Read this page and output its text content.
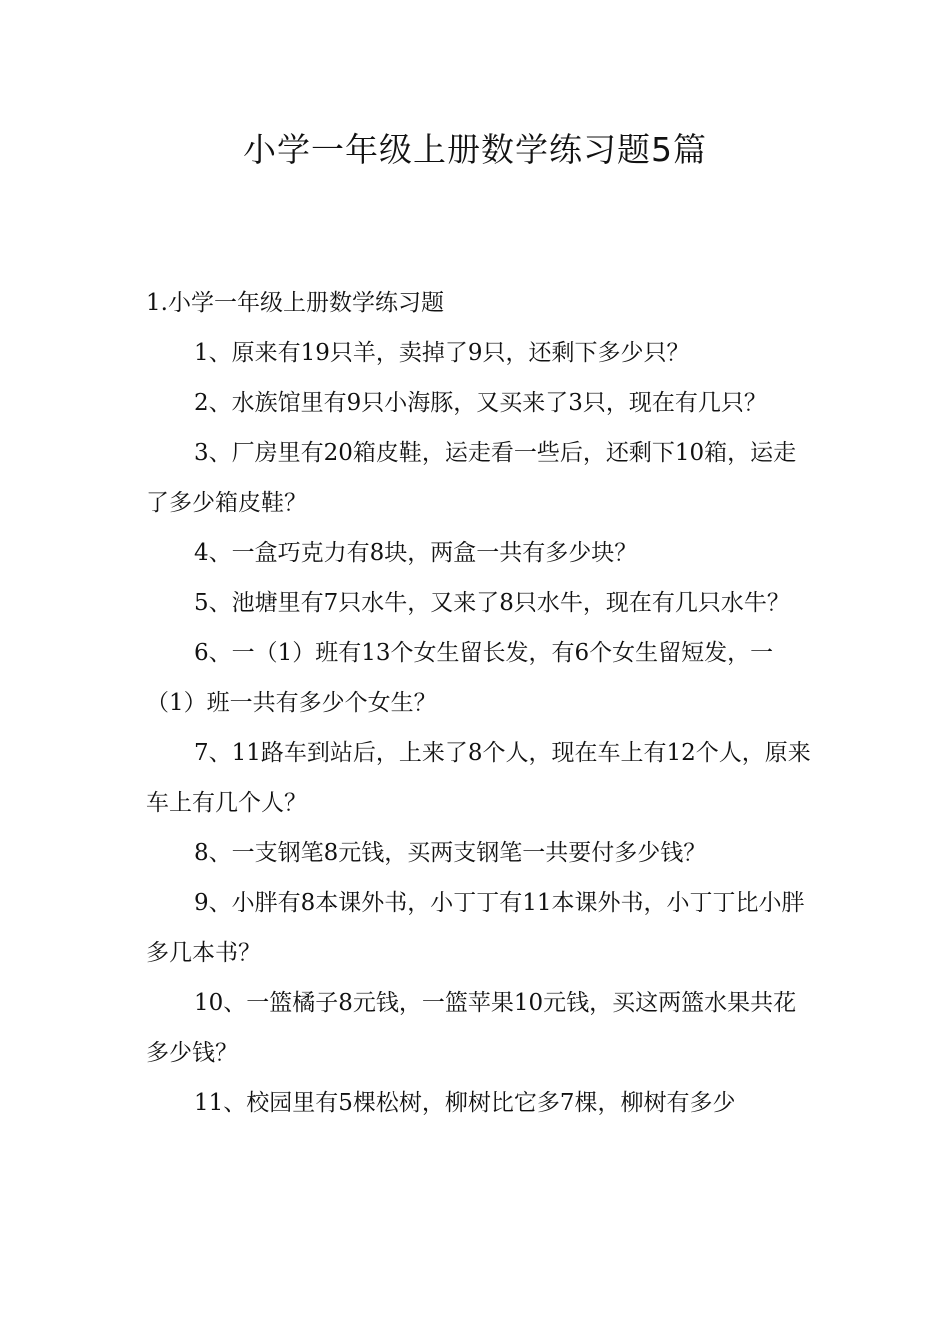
小学一年级上册数学练习题5篇

1.小学一年级上册数学练习题

1、原来有19只羊，卖掉了9只，还剩下多少只？

2、水族馆里有9只小海豚，又买来了3只，现在有几只？

3、厂房里有20箱皮鞋，运走看一些后，还剩下10箱，运走了多少箱皮鞋？

4、一盒巧克力有8块，两盒一共有多少块？

5、池塘里有7只水牛，又来了8只水牛，现在有几只水牛？

6、一（1）班有13个女生留长发，有6个女生留短发，一（1）班一共有多少个女生？

7、11路车到站后，上来了8个人，现在车上有12个人，原来车上有几个人？

8、一支钢笔8元钱，买两支钢笔一共要付多少钱？

9、小胖有8本课外书，小丁丁有11本课外书，小丁丁比小胖多几本书？

10、一篮橘子8元钱，一篮苹果10元钱，买这两篮水果共花多少钱？

11、校园里有5棵松树，柳树比它多7棵，柳树有多少
